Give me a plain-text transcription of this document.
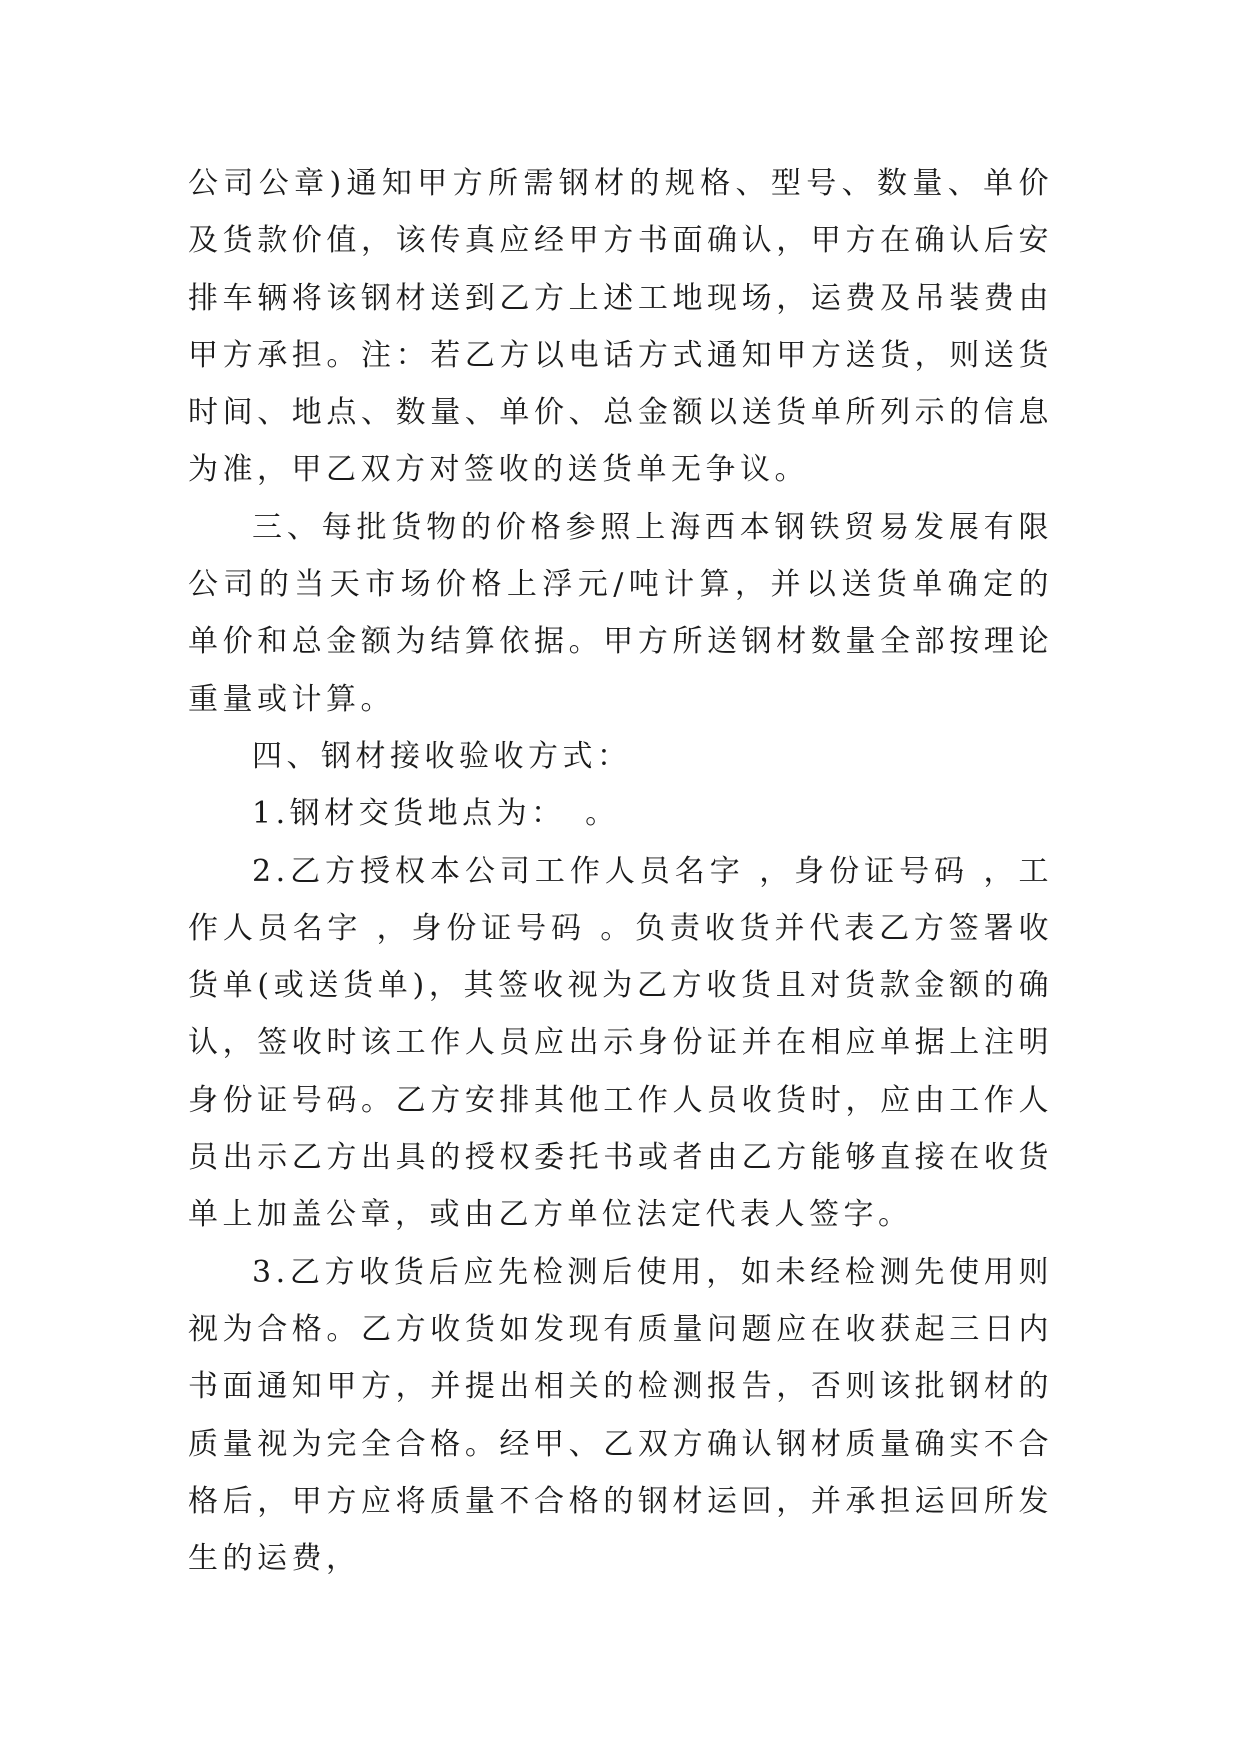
公司公章)通知甲方所需钢材的规格、型号、数量、单价及货款价值，该传真应经甲方书面确认，甲方在确认后安排车辆将该钢材送到乙方上述工地现场，运费及吊装费由甲方承担。注：若乙方以电话方式通知甲方送货，则送货时间、地点、数量、单价、总金额以送货单所列示的信息为准，甲乙双方对签收的送货单无争议。

三、每批货物的价格参照上海西本钢铁贸易发展有限公司的当天市场价格上浮元/吨计算，并以送货单确定的单价和总金额为结算依据。甲方所送钢材数量全部按理论重量或计算。

四、钢材接收验收方式：

1.钢材交货地点为：　。

2.乙方授权本公司工作人员名字 ，身份证号码 ，工作人员名字 ，身份证号码 。负责收货并代表乙方签署收货单(或送货单)，其签收视为乙方收货且对货款金额的确认，签收时该工作人员应出示身份证并在相应单据上注明身份证号码。乙方安排其他工作人员收货时，应由工作人员出示乙方出具的授权委托书或者由乙方能够直接在收货单上加盖公章，或由乙方单位法定代表人签字。

3.乙方收货后应先检测后使用，如未经检测先使用则视为合格。乙方收货如发现有质量问题应在收获起三日内书面通知甲方，并提出相关的检测报告，否则该批钢材的质量视为完全合格。经甲、乙双方确认钢材质量确实不合格后，甲方应将质量不合格的钢材运回，并承担运回所发生的运费，
